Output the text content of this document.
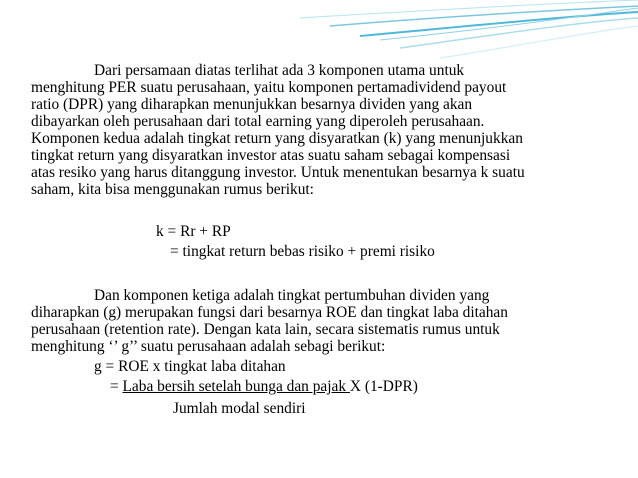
Dari persamaan diatas terlihat ada 3 komponen utama untuk
menghitung PER suatu perusahaan, yaitu komponen pertamadividend payout
ratio (DPR) yang diharapkan menunjukkan besarnya dividen yang akan
dibayarkan oleh perusahaan dari total earning yang diperoleh perusahaan.
Komponen kedua adalah tingkat return yang disyaratkan (k) yang menunjukkan
tingkat return yang disyaratkan investor atas suatu saham sebagai kompensasi
atas resiko yang harus ditanggung investor. Untuk menentukan besarnya k suatu
saham, kita bisa menggunakan rumus berikut:
k = Rr + RP
= tingkat return bebas risiko + premi risiko
Dan komponen ketiga adalah tingkat pertumbuhan dividen yang
diharapkan (g) merupakan fungsi dari besarnya ROE dan tingkat laba ditahan
perusahaan (retention rate). Dengan kata lain, secara sistematis rumus untuk
menghitung ‘’ g’’ suatu perusahaan adalah sebagi berikut:
g = ROE x tingkat laba ditahan
= Laba bersih setelah bunga dan pajak X (1-DPR)
Jumlah modal sendiri
